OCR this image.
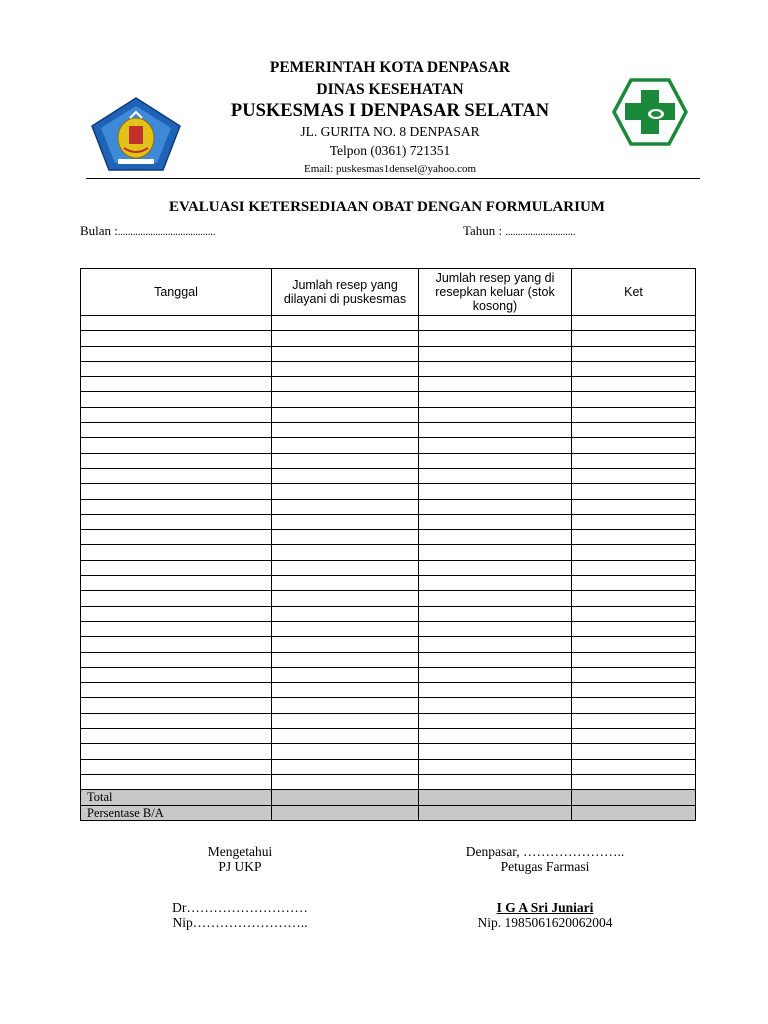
PEMERINTAH KOTA DENPASAR
DINAS KESEHATAN
PUSKESMAS I DENPASAR SELATAN
JL. GURITA NO. 8 DENPASAR
Telpon (0361) 721351
Email: puskesmas1densel@yahoo.com
EVALUASI KETERSEDIAAN OBAT DENGAN FORMULARIUM
Bulan :.......................................	Tahun : ............................
Tanggal	Jumlah resep yang dilayani di puskesmas	Jumlah resep yang di resepkan keluar (stok kosong)	Ket

Total			
Persentase B/A			
Mengetahui
PJ UKP
Dr………………………
Nip……………………..
Denpasar, …………………..
Petugas Farmasi
I G A Sri Juniari
Nip. 1985061620062004
